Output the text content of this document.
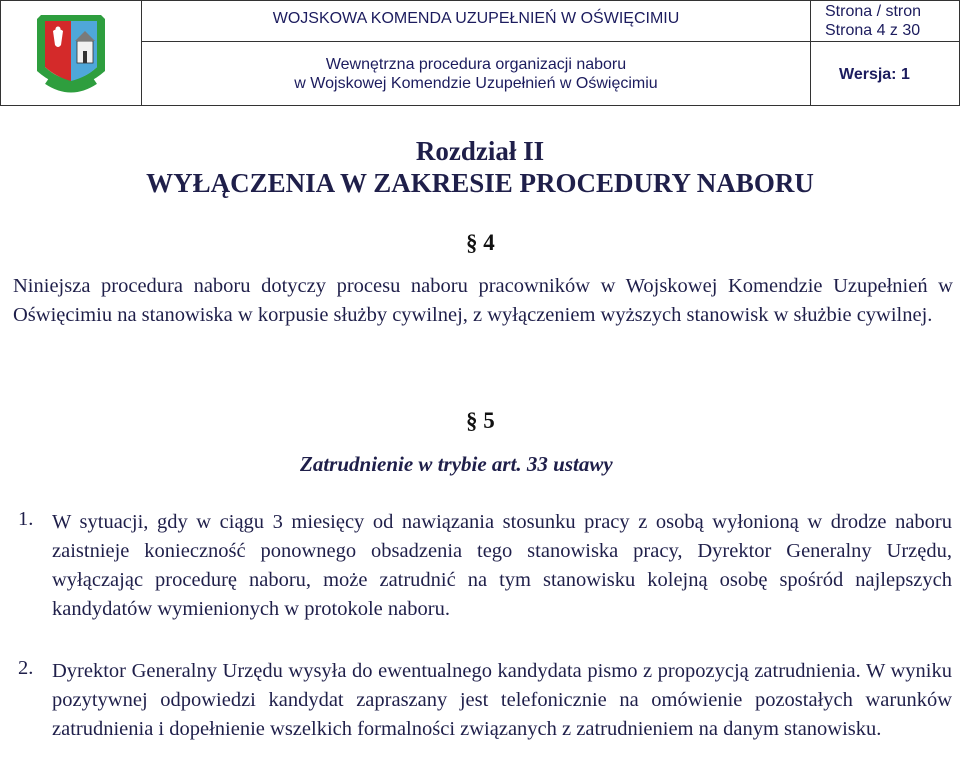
WOJSKOWA KOMENDA UZUPEŁNIEŃ W OŚWIĘCIMIU
Wewnętrzna procedura organizacji naboru
w Wojskowej Komendzie Uzupełnień w Oświęcimiu
Strona / stron
Strona 4 z 30
Wersja: 1
Rozdział II
WYŁĄCZENIA W ZAKRESIE PROCEDURY NABORU
§ 4
Niniejsza procedura naboru dotyczy procesu naboru pracowników w Wojskowej Komendzie Uzupełnień w Oświęcimiu na stanowiska w korpusie służby cywilnej, z wyłączeniem wyższych stanowisk w służbie cywilnej.
§ 5
Zatrudnienie w trybie art. 33 ustawy
1. W sytuacji, gdy w ciągu 3 miesięcy od nawiązania stosunku pracy z osobą wyłonioną w drodze naboru zaistnieje konieczność ponownego obsadzenia tego stanowiska pracy, Dyrektor Generalny Urzędu, wyłączając procedurę naboru, może zatrudnić na tym stanowisku kolejną osobę spośród najlepszych kandydatów wymienionych w protokole naboru.
2. Dyrektor Generalny Urzędu wysyła do ewentualnego kandydata pismo z propozycją zatrudnienia. W wyniku pozytywnej odpowiedzi kandydat zapraszany jest telefonicznie na omówienie pozostałych warunków zatrudnienia i dopełnienie wszelkich formalności związanych z zatrudnieniem na danym stanowisku.
